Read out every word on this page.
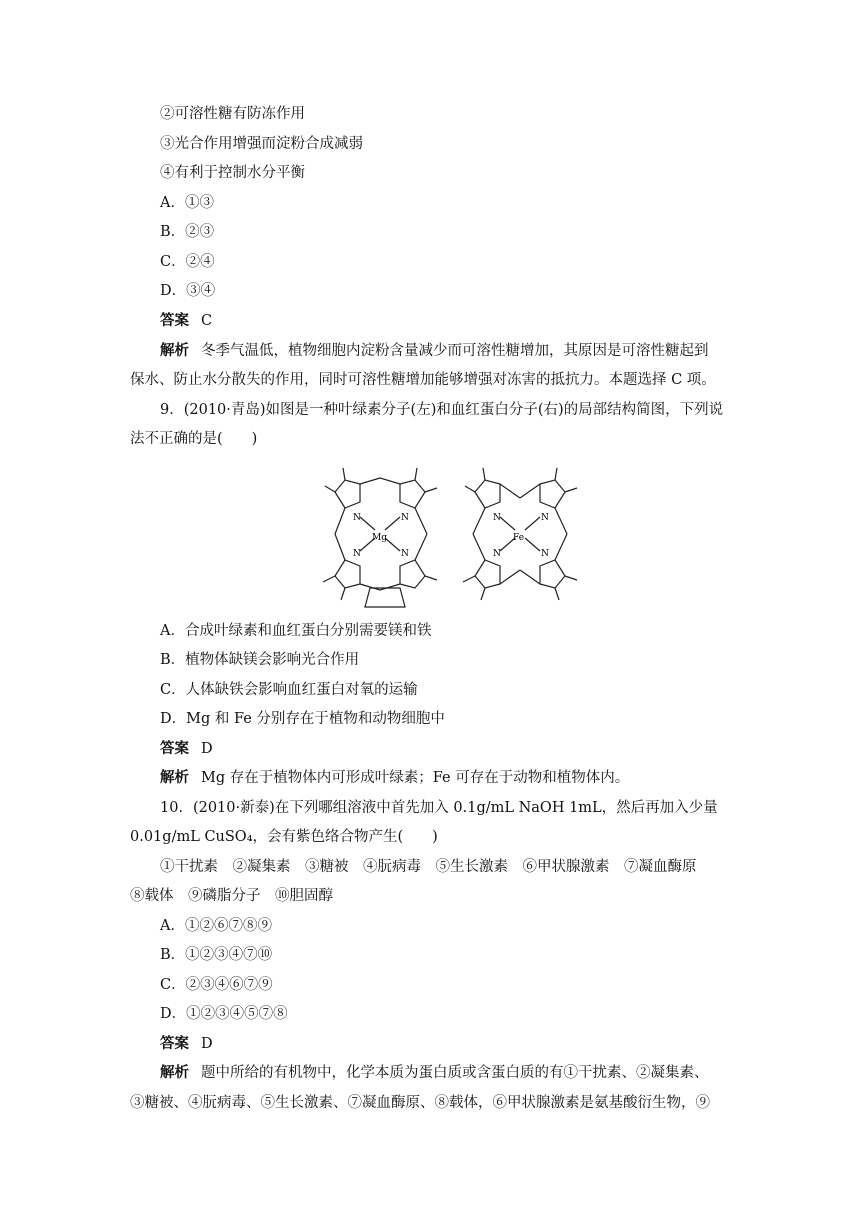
②可溶性糖有防冻作用
③光合作用增强而淀粉合成减弱
④有利于控制水分平衡
A．①③
B．②③
C．②④
D．③④
答案 C
解析 冬季气温低，植物细胞内淀粉含量减少而可溶性糖增加，其原因是可溶性糖起到
保水、防止水分散失的作用，同时可溶性糖增加能够增强对冻害的抵抗力。本题选择 C 项。
9．(2010·青岛)如图是一种叶绿素分子(左)和血红蛋白分子(右)的局部结构简图，下列说
法不正确的是(　　)
N	N
N	N
Mg
N	N
N	N
Fe
A．合成叶绿素和血红蛋白分别需要镁和铁
B．植物体缺镁会影响光合作用
C．人体缺铁会影响血红蛋白对氧的运输
D．Mg 和 Fe 分别存在于植物和动物细胞中
答案 D
解析 Mg 存在于植物体内可形成叶绿素；Fe 可存在于动物和植物体内。
10．(2010·新泰)在下列哪组溶液中首先加入 0.1g/mL NaOH 1mL，然后再加入少量
0.01g/mL CuSO₄，会有紫色络合物产生(　　)
①干扰素　②凝集素　③糖被　④朊病毒　⑤生长激素　⑥甲状腺激素　⑦凝血酶原
⑧载体　⑨磷脂分子　⑩胆固醇
A．①②⑥⑦⑧⑨
B．①②③④⑦⑩
C．②③④⑥⑦⑨
D．①②③④⑤⑦⑧
答案 D
解析 题中所给的有机物中，化学本质为蛋白质或含蛋白质的有①干扰素、②凝集素、
③糖被、④朊病毒、⑤生长激素、⑦凝血酶原、⑧载体，⑥甲状腺激素是氨基酸衍生物，⑨
